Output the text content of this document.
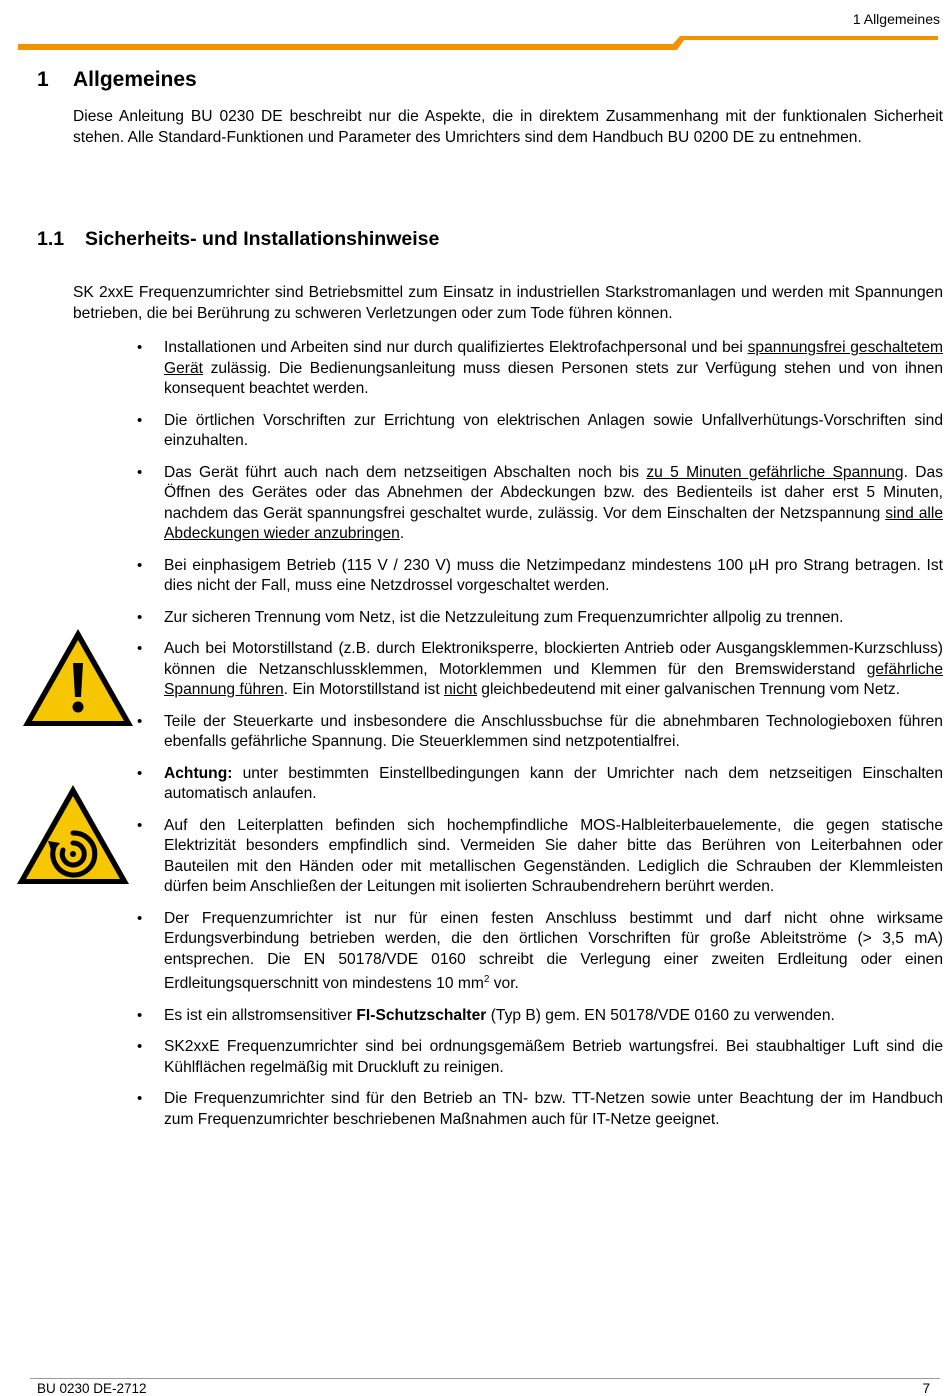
1 Allgemeines
1 Allgemeines

Diese Anleitung BU 0230 DE beschreibt nur die Aspekte, die in direktem Zusammenhang mit der funktionalen Sicherheit stehen. Alle Standard-Funktionen und Parameter des Umrichters sind dem Handbuch BU 0200 DE zu entnehmen.

1.1 Sicherheits- und Installationshinweise

SK 2xxE Frequenzumrichter sind Betriebsmittel zum Einsatz in industriellen Starkstromanlagen und werden mit Spannungen betrieben, die bei Berührung zu schweren Verletzungen oder zum Tode führen können.

• Installationen und Arbeiten sind nur durch qualifiziertes Elektrofachpersonal und bei spannungsfrei geschaltetem Gerät zulässig. Die Bedienungsanleitung muss diesen Personen stets zur Verfügung stehen und von ihnen konsequent beachtet werden.
• Die örtlichen Vorschriften zur Errichtung von elektrischen Anlagen sowie Unfallverhütungs-Vorschriften sind einzuhalten.
• Das Gerät führt auch nach dem netzseitigen Abschalten noch bis zu 5 Minuten gefährliche Spannung. Das Öffnen des Gerätes oder das Abnehmen der Abdeckungen bzw. des Bedienteils ist daher erst 5 Minuten, nachdem das Gerät spannungsfrei geschaltet wurde, zulässig. Vor dem Einschalten der Netzspannung sind alle Abdeckungen wieder anzubringen.
• Bei einphasigem Betrieb (115 V / 230 V) muss die Netzimpedanz mindestens 100 µH pro Strang betragen. Ist dies nicht der Fall, muss eine Netzdrossel vorgeschaltet werden.
• Zur sicheren Trennung vom Netz, ist die Netzzuleitung zum Frequenzumrichter allpolig zu trennen.
• Auch bei Motorstillstand (z.B. durch Elektroniksperre, blockierten Antrieb oder Ausgangsklemmen-Kurzschluss) können die Netzanschlussklemmen, Motorklemmen und Klemmen für den Bremswiderstand gefährliche Spannung führen. Ein Motorstillstand ist nicht gleichbedeutend mit einer galvanischen Trennung vom Netz.
• Teile der Steuerkarte und insbesondere die Anschlussbuchse für die abnehmbaren Technologieboxen führen ebenfalls gefährliche Spannung. Die Steuerklemmen sind netzpotentialfrei.
• Achtung: unter bestimmten Einstellbedingungen kann der Umrichter nach dem netzseitigen Einschalten automatisch anlaufen.
• Auf den Leiterplatten befinden sich hochempfindliche MOS-Halbleiterbauelemente, die gegen statische Elektrizität besonders empfindlich sind. Vermeiden Sie daher bitte das Berühren von Leiterbahnen oder Bauteilen mit den Händen oder mit metallischen Gegenständen. Lediglich die Schrauben der Klemmleisten dürfen beim Anschließen der Leitungen mit isolierten Schraubendrehern berührt werden.
• Der Frequenzumrichter ist nur für einen festen Anschluss bestimmt und darf nicht ohne wirksame Erdungsverbindung betrieben werden, die den örtlichen Vorschriften für große Ableitströme (> 3,5 mA) entsprechen. Die EN 50178/VDE 0160 schreibt die Verlegung einer zweiten Erdleitung oder einen Erdleitungsquerschnitt von mindestens 10 $mm^2$ vor.
• Es ist ein allstromsensitiver FI-Schutzschalter (Typ B) gem. EN 50178/VDE 0160 zu verwenden.
• SK2xxE Frequenzumrichter sind bei ordnungsgemäßem Betrieb wartungsfrei. Bei staubhaltiger Luft sind die Kühlflächen regelmäßig mit Druckluft zu reinigen.
• Die Frequenzumrichter sind für den Betrieb an TN- bzw. TT-Netzen sowie unter Beachtung der im Handbuch zum Frequenzumrichter beschriebenen Maßnahmen auch für IT-Netze geeignet.
BU 0230 DE-2712	7
